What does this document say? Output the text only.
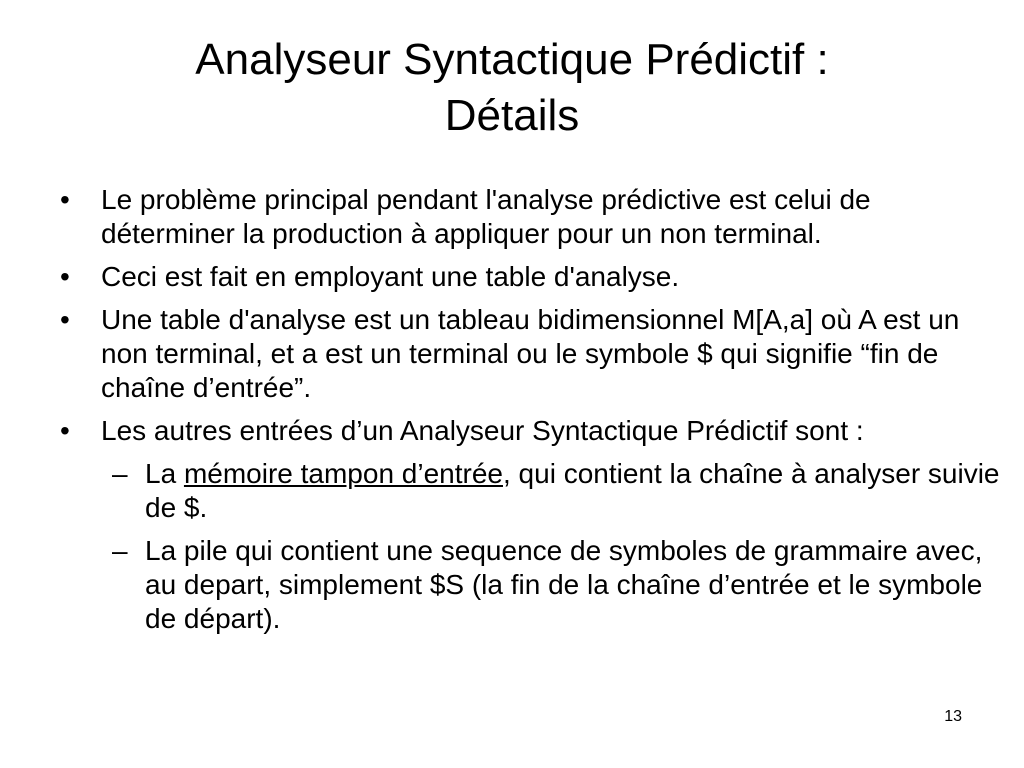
Analyseur Syntactique Prédictif :
Détails
• Le problème principal pendant l'analyse prédictive est celui de déterminer la production à appliquer pour un non terminal.
• Ceci est fait en employant une table d'analyse.
• Une table d'analyse est un tableau bidimensionnel M[A,a] où A est un non terminal, et a est un terminal ou le symbole $ qui signifie “fin de chaîne d’entrée”.
• Les autres entrées d’un Analyseur Syntactique Prédictif sont :
– La mémoire tampon d’entrée, qui contient la chaîne à analyser suivie de $.
– La pile qui contient une sequence de symboles de grammaire avec, au depart, simplement $S (la fin de la chaîne d’entrée et le symbole de départ).
13
